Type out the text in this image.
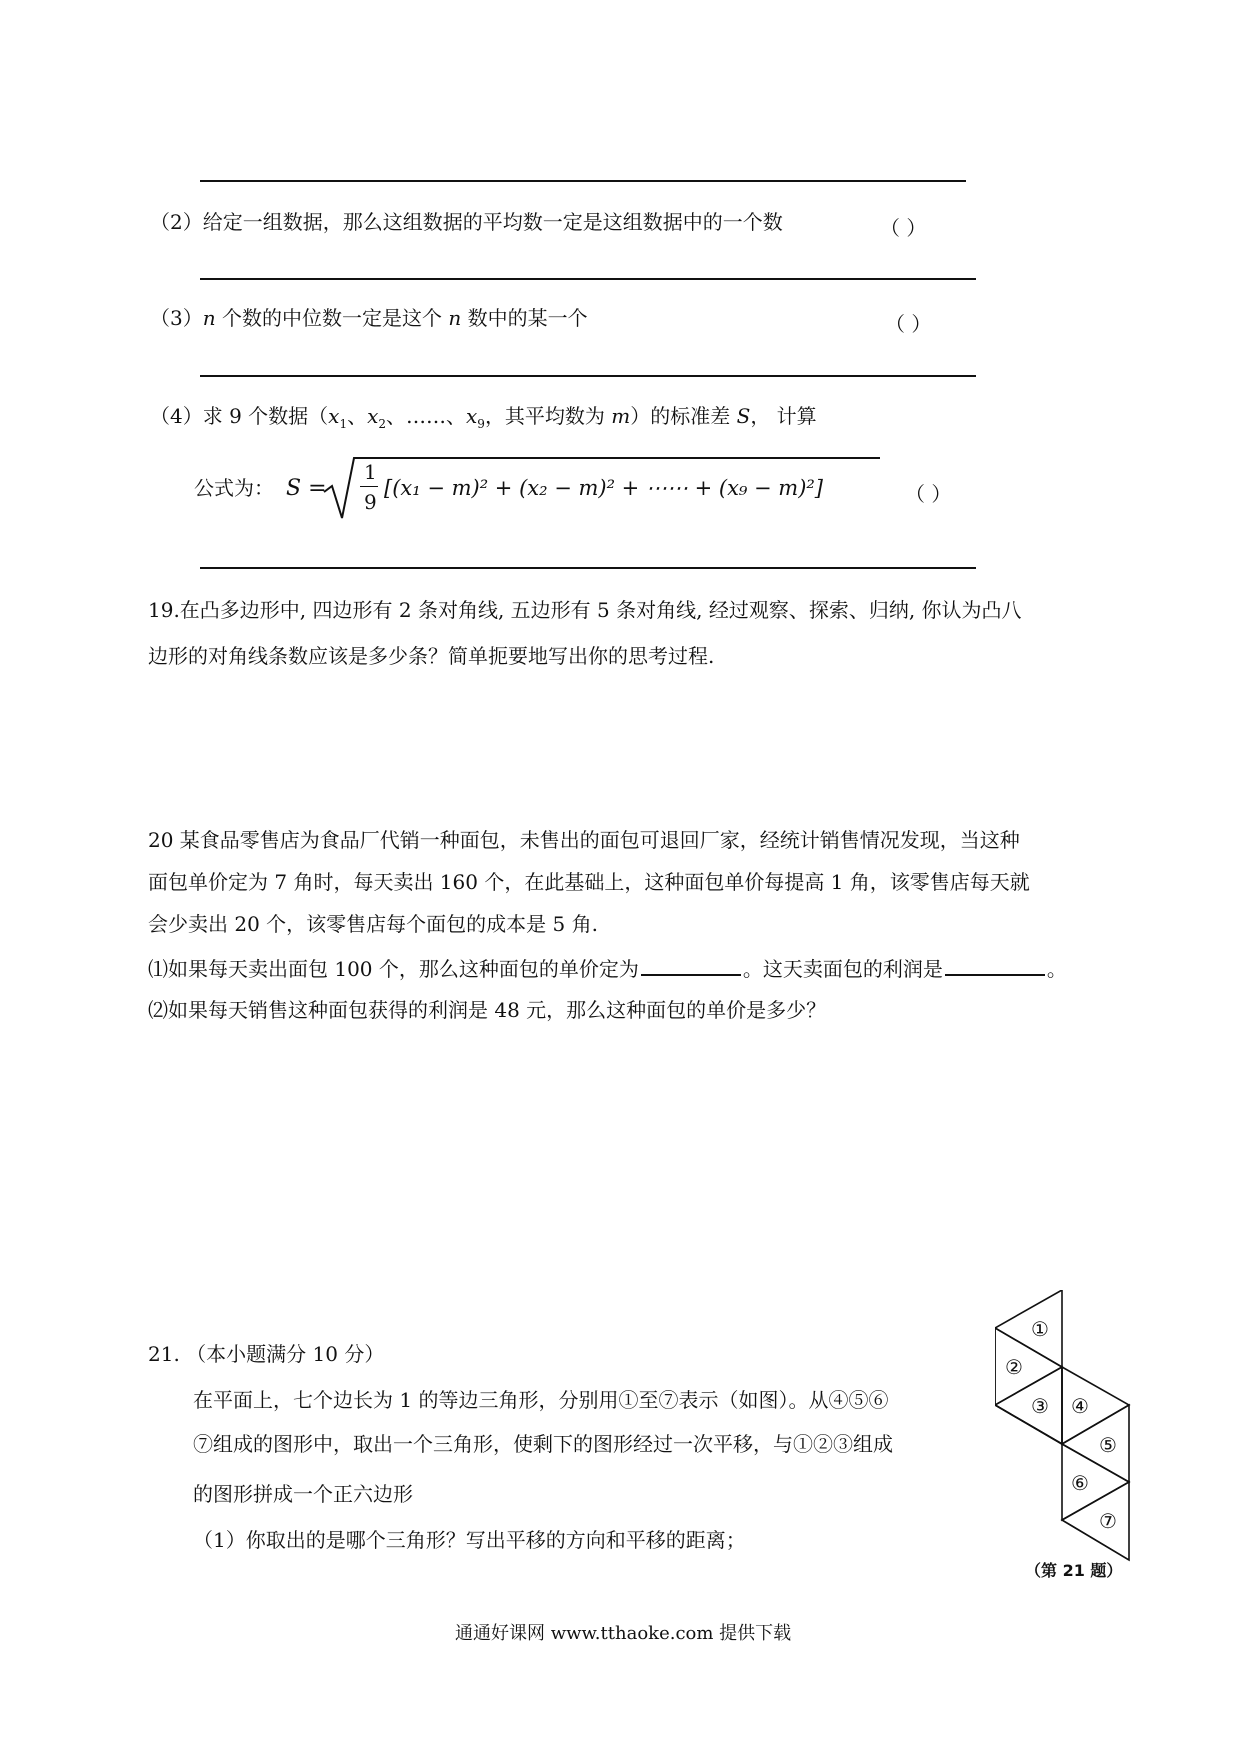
（2）给定一组数据，那么这组数据的平均数一定是这组数据中的一个数	（ ）
（3）n 个数的中位数一定是这个 n 数中的某一个	（ ）
（4）求 9 个数据（$x_1$、$x_2$、……、$x_9$，其平均数为 m）的标准差 S， 计算
公式为： S =
1
9
[(x₁ − m)² + (x₂ − m)² + ⋯⋯ + (x₉ − m)²]	（ ）
19.在凸多边形中, 四边形有 2 条对角线, 五边形有 5 条对角线, 经过观察、探索、归纳, 你认为凸八
边形的对角线条数应该是多少条？简单扼要地写出你的思考过程.
20 某食品零售店为食品厂代销一种面包，未售出的面包可退回厂家，经统计销售情况发现，当这种
面包单价定为 7 角时，每天卖出 160 个，在此基础上，这种面包单价每提高 1 角，该零售店每天就
会少卖出 20 个，该零售店每个面包的成本是 5 角.
⑴如果每天卖出面包 100 个，那么这种面包的单价定为	。这天卖面包的利润是	。
⑵如果每天销售这种面包获得的利润是 48 元，那么这种面包的单价是多少？
21. （本小题满分 10 分）
在平面上，七个边长为 1 的等边三角形，分别用①至⑦表示（如图）。从④⑤⑥
⑦组成的图形中，取出一个三角形，使剩下的图形经过一次平移，与①②③组成
的图形拼成一个正六边形
（1）你取出的是哪个三角形？写出平移的方向和平移的距离；
①
②
③ ④
⑤
⑥
⑦
（第 21 题）
通通好课网 www.tthaoke.com 提供下载
